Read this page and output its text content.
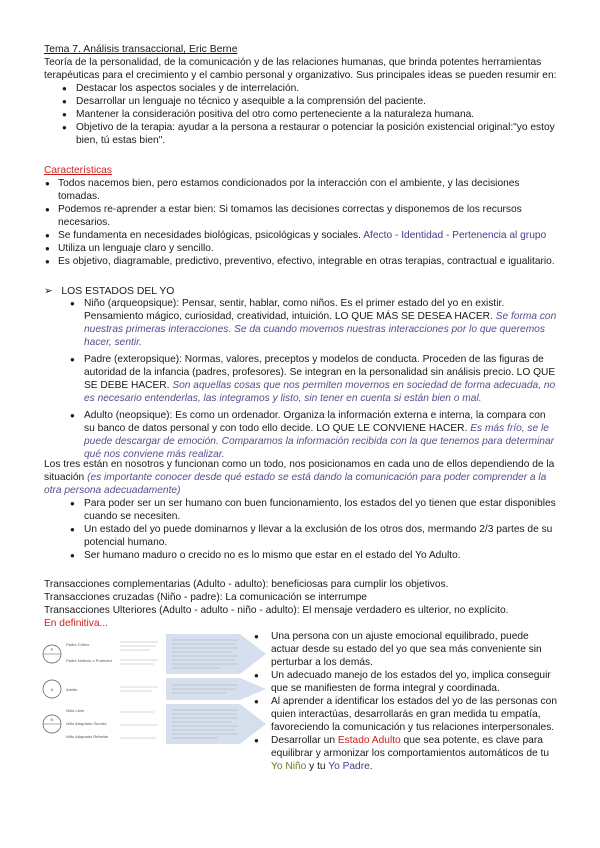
Tema 7. Análisis transaccional, Eric Berne

Teoría de la personalidad, de la comunicación y de las relaciones humanas, que brinda potentes herramientas terapéuticas para el crecimiento y el cambio personal y organizativo. Sus principales ideas se pueden resumir en:

● Destacar los aspectos sociales y de interrelación.
● Desarrollar un lenguaje no técnico y asequible a la comprensión del paciente.
● Mantener la consideración positiva del otro como perteneciente a la naturaleza humana.
● Objetivo de la terapia: ayudar a la persona a restaurar o potenciar la posición existencial original:"yo estoy bien, tú estas bien".

Características

● Todos nacemos bien, pero estamos condicionados por la interacción con el ambiente, y las decisiones tomadas.
● Podemos re-aprender a estar bien: Si tomamos las decisiones correctas y disponemos de los recursos necesarios.
● Se fundamenta en necesidades biológicas, psicológicas y sociales. Afecto - Identidad - Pertenencia al grupo
● Utiliza un lenguaje claro y sencillo.
● Es objetivo, diagramable, predictivo, preventivo, efectivo, integrable en otras terapias, contractual e igualitario.
➢ LOS ESTADOS DEL YO
● Niño (arqueopsique): Pensar, sentir, hablar, como niños. Es el primer estado del yo en existir. Pensamiento mágico, curiosidad, creatividad, intuición. LO QUE MÁS SE DESEA HACER. Se forma con nuestras primeras interacciones. Se da cuando movemos nuestras interacciones por lo que queremos hacer, sentir.
● Padre (exteropsique): Normas, valores, preceptos y modelos de conducta. Proceden de las figuras de autoridad de la infancia (padres, profesores). Se integran en la personalidad sin análisis precio. LO QUE SE DEBE HACER. Son aquellas cosas que nos permiten movernos en sociedad de forma adecuada, no es necesario entenderlas, las integramos y listo, sin tener en cuenta si están bien o mal.
● Adulto (neopsique): Es como un ordenador. Organiza la información externa e interna, la compara con su banco de datos personal y con todo ello decide. LO QUE LE CONVIENE HACER. Es más frío, se le puede descargar de emoción. Comparamos la información recibida con la que tenemos para determinar qué nos conviene más realizar.

Los tres están en nosotros y funcionan como un todo, nos posicionamos en cada uno de ellos dependiendo de la situación (es importante conocer desde qué estado se está dando la comunicación para poder comprender a la otra persona adecuadamente)

● Para poder ser un ser humano con buen funcionamiento, los estados del yo tienen que estar disponibles cuando se necesiten.
● Un estado del yo puede dominarnos y llevar a la exclusión de los otros dos, mermando 2/3 partes de su potencial humano.
● Ser humano maduro o crecido no es lo mismo que estar en el estado del Yo Adulto.

Transacciones complementarias (Adulto - adulto): beneficiosas para cumplir los objetivos.

Transacciones cruzadas (Niño - padre): La comunicación se interrumpe

Transacciones Ulteriores (Adulto - adulto - niño - adulto): El mensaje verdadero es ulterior, no explícito.

En definitiva...

P
A
N
Padre Crítico
Padre Nutricio o Protector
Adulto
Niño Libre
Niño Adaptado Sumiso
Niño Adaptado Rebelde
● Una persona con un ajuste emocional equilibrado, puede actuar desde su estado del yo que sea más conveniente sin perturbar a los demás.
● Un adecuado manejo de los estados del yo, implica conseguir que se manifiesten de forma integral y coordinada.
● Al aprender a identificar los estados del yo de las personas con quien interactúas, desarrollarás en gran medida tu empatía, favoreciendo la comunicación y tus relaciones interpersonales.
● Desarrollar un Estado Adulto que sea potente, es clave para equilibrar y armonizar los comportamientos automáticos de tu Yo Niño y tu Yo Padre.
